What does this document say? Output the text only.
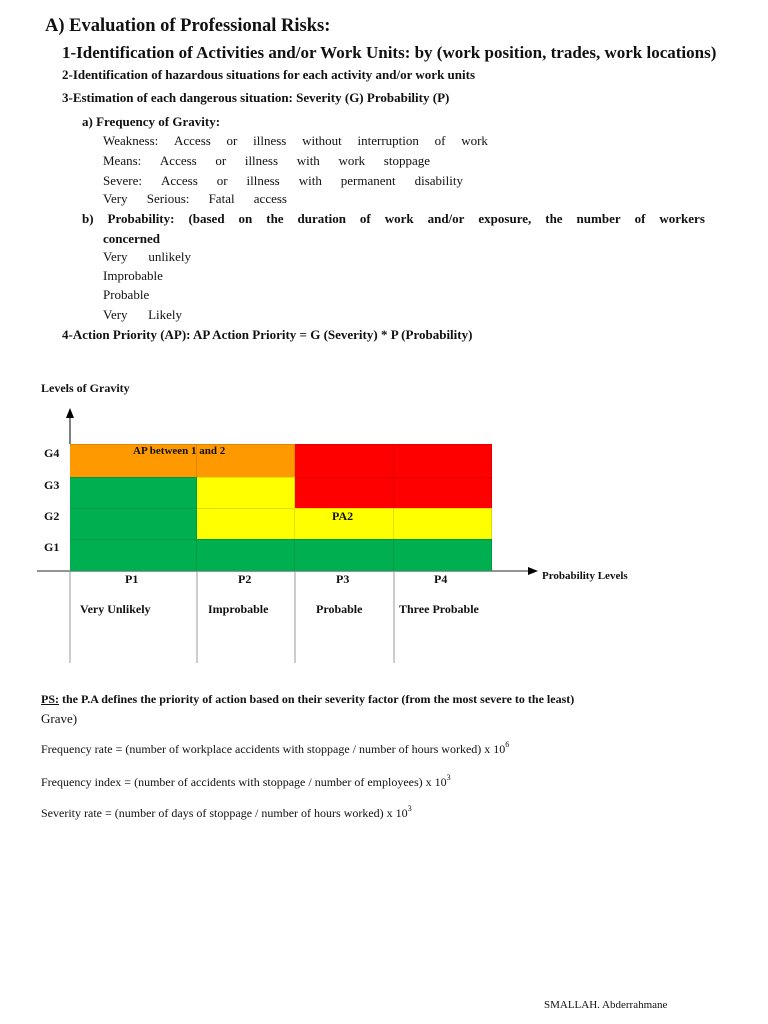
A) Evaluation of Professional Risks:
1-Identification of Activities and/or Work Units: by (work position, trades, work locations)
2-Identification of hazardous situations for each activity and/or work units
3-Estimation of each dangerous situation: Severity (G) Probability (P)
a) Frequency of Gravity:
Weakness: Access or illness without interruption of work
Means: Access or illness with work stoppage
Severe: Access or illness with permanent disability
Very Serious: Fatal access
b) Probability: (based on the duration of work and/or exposure, the number of workers
concerned
Very unlikely
Improbable
Probable
Very Likely
4-Action Priority (AP): AP Action Priority = G (Severity) * P (Probability)
Levels of Gravity
Probability Levels
G4
G3
G2
G1
AP between 1 and 2
PA2
P1	P2	P3	P4
Very Unlikely	Improbable	Probable	Three Probable
PS: the P.A defines the priority of action based on their severity factor (from the most severe to the least)
Grave)
Frequency rate = (number of workplace accidents with stoppage / number of hours worked) x $10^6$
Frequency index = (number of accidents with stoppage / number of employees) x $10^3$
Severity rate = (number of days of stoppage / number of hours worked) x $10^3$
SMALLAH. Abderrahmane
